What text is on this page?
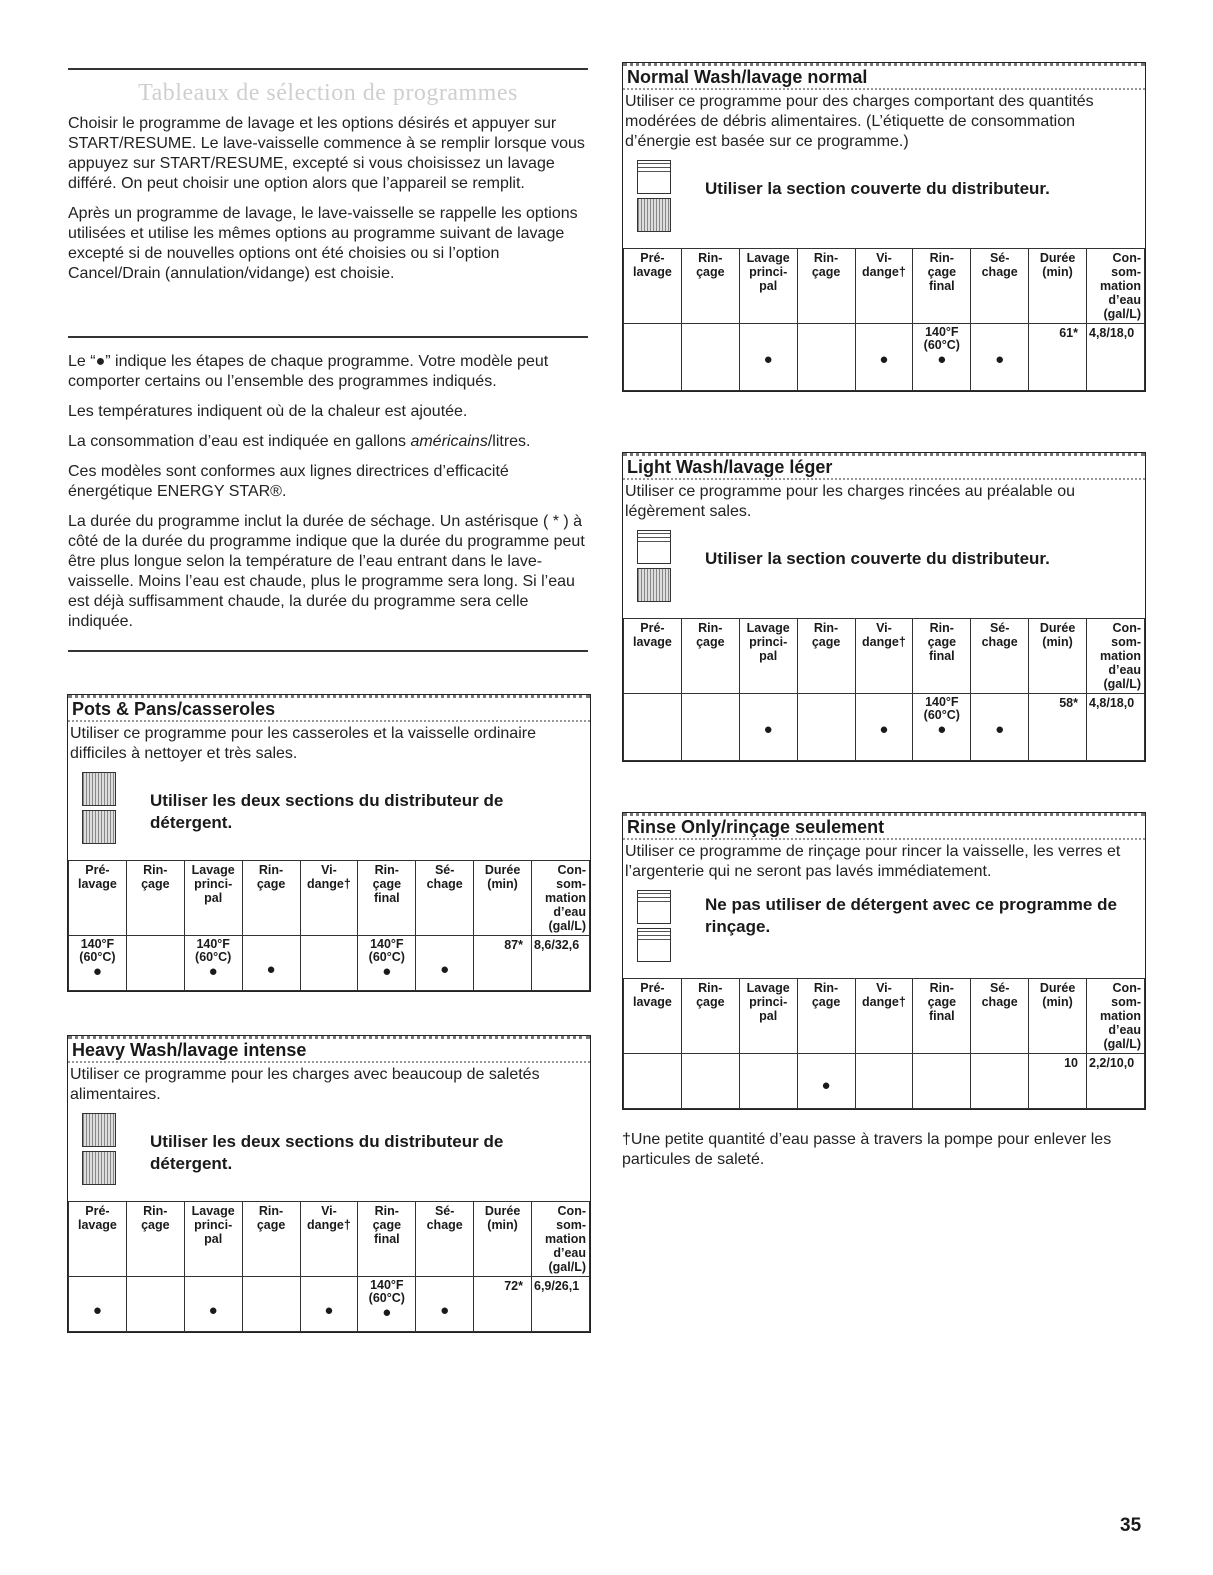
Tableaux de sélection de programmes

Choisir le programme de lavage et les options désirés et appuyer sur START/RESUME. Le lave-vaisselle commence à se remplir lorsque vous appuyez sur START/RESUME, excepté si vous choisissez un lavage différé. On peut choisir une option alors que l’appareil se remplit.

Après un programme de lavage, le lave-vaisselle se rappelle les options utilisées et utilise les mêmes options au programme suivant de lavage excepté si de nouvelles options ont été choisies ou si l’option Cancel/Drain (annulation/vidange) est choisie.

Le “●” indique les étapes de chaque programme. Votre modèle peut comporter certains ou l’ensemble des programmes indiqués.

Les températures indiquent où de la chaleur est ajoutée.

La consommation d’eau est indiquée en gallons américains/litres.

Ces modèles sont conformes aux lignes directrices d’efficacité énergétique ENERGY STAR®.

La durée du programme inclut la durée de séchage. Un astérisque ( * ) à côté de la durée du programme indique que la durée du programme peut être plus longue selon la température de l’eau entrant dans le lave-vaisselle. Moins l’eau est chaude, plus le programme sera long. Si l’eau est déjà suffisamment chaude, la durée du programme sera celle indiquée.

Pots & Pans/casseroles
Utiliser ce programme pour les casseroles et la vaisselle ordinaire difficiles à nettoyer et très sales.
Utiliser les deux sections du distributeur de détergent.
Pré-
lavage	Rin-
çage	Lavage
princi-
pal	Rin-
çage	Vi-
dange†	Rin-
çage
final	Sé-
chage	Durée
(min)	Con-
som-
mation
d’eau
(gal/L)

140°F
(60°C)
●		140°F
(60°C)
●	●		140°F
(60°C)
●	●	87*	8,6/32,6
Heavy Wash/lavage intense
Utiliser ce programme pour les charges avec beaucoup de saletés alimentaires.
Utiliser les deux sections du distributeur de détergent.
Pré-
lavage	Rin-
çage	Lavage
princi-
pal	Rin-
çage	Vi-
dange†	Rin-
çage
final	Sé-
chage	Durée
(min)	Con-
som-
mation
d’eau
(gal/L)

●		●		●	140°F
(60°C)
●	●	72*	6,9/26,1
Normal Wash/lavage normal
Utiliser ce programme pour des charges comportant des quantités modérées de débris alimentaires. (L’étiquette de consommation d’énergie est basée sur ce programme.)
Utiliser la section couverte du distributeur.
Pré-
lavage	Rin-
çage	Lavage
princi-
pal	Rin-
çage	Vi-
dange†	Rin-
çage
final	Sé-
chage	Durée
(min)	Con-
som-
mation
d’eau
(gal/L)

		●		●	140°F
(60°C)
●	●	61*	4,8/18,0
Light Wash/lavage léger
Utiliser ce programme pour les charges rincées au préalable ou légèrement sales.
Utiliser la section couverte du distributeur.
Pré-
lavage	Rin-
çage	Lavage
princi-
pal	Rin-
çage	Vi-
dange†	Rin-
çage
final	Sé-
chage	Durée
(min)	Con-
som-
mation
d’eau
(gal/L)

		●		●	140°F
(60°C)
●	●	58*	4,8/18,0
Rinse Only/rinçage seulement
Utiliser ce programme de rinçage pour rincer la vaisselle, les verres et l’argenterie qui ne seront pas lavés immédiatement.
Ne pas utiliser de détergent avec ce programme de rinçage.
Pré-
lavage	Rin-
çage	Lavage
princi-
pal	Rin-
çage	Vi-
dange†	Rin-
çage
final	Sé-
chage	Durée
(min)	Con-
som-
mation
d’eau
(gal/L)

			●				10	2,2/10,0
†Une petite quantité d’eau passe à travers la pompe pour enlever les particules de saleté.
35
